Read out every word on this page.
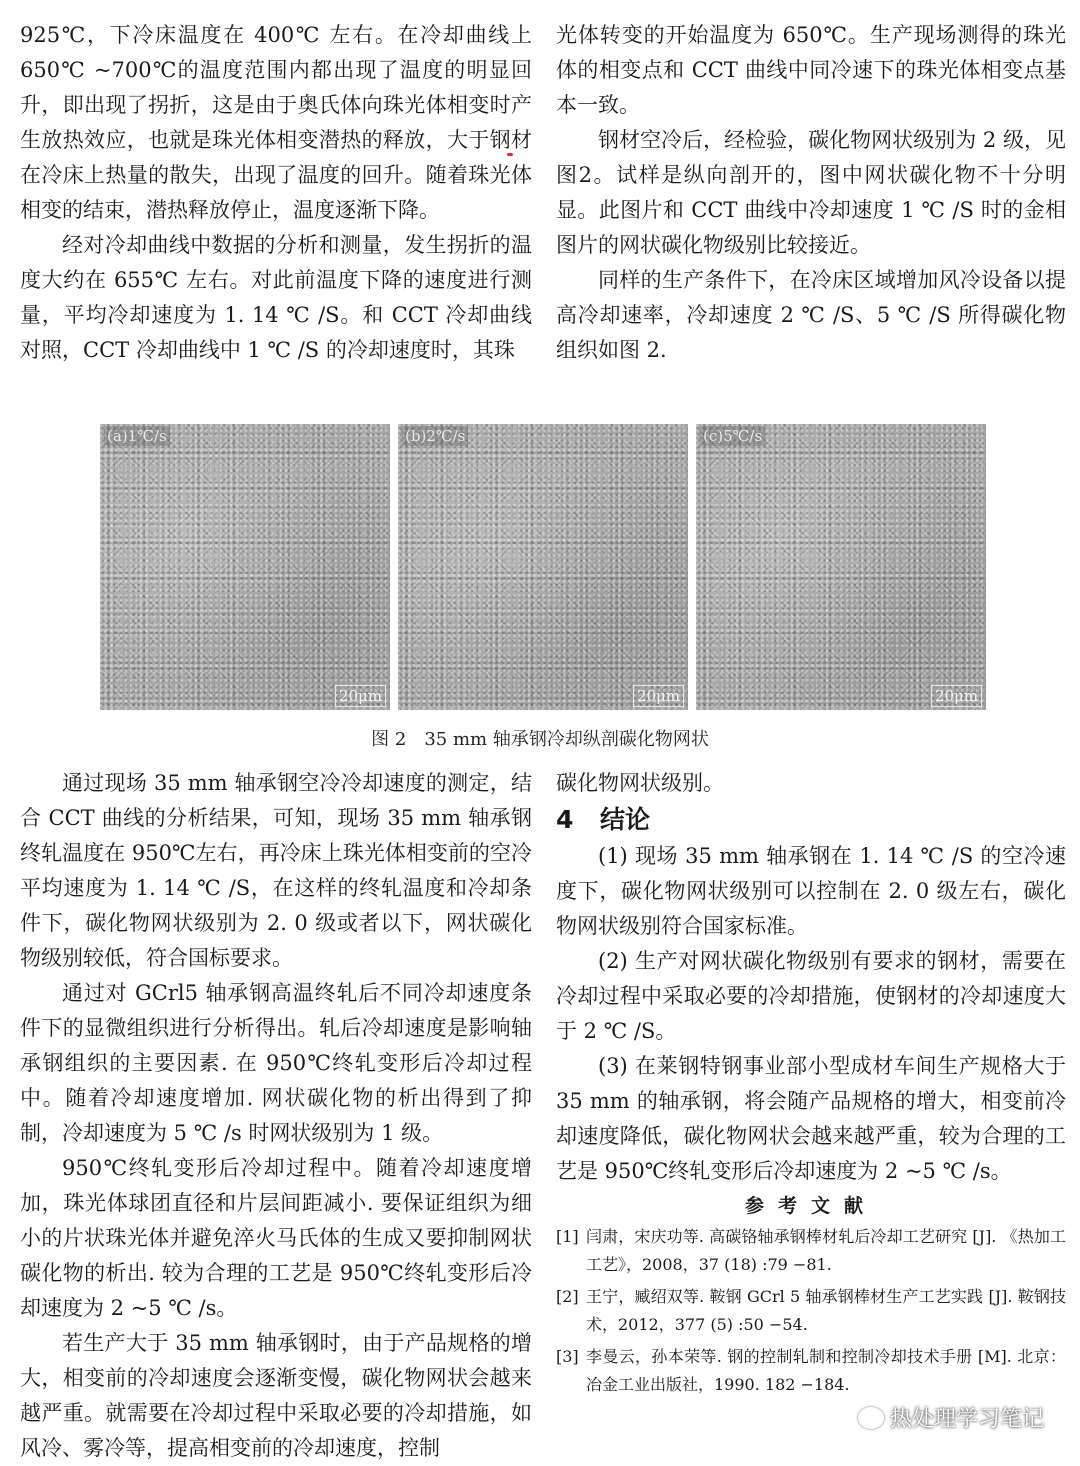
925℃，下冷床温度在 400℃ 左右。在冷却曲线上650℃ ~700℃的温度范围内都出现了温度的明显回升，即出现了拐折，这是由于奥氏体向珠光体相变时产生放热效应，也就是珠光体相变潜热的释放，大于钢材在冷床上热量的散失，出现了温度的回升。随着珠光体相变的结束，潜热释放停止，温度逐渐下降。

经对冷却曲线中数据的分析和测量，发生拐折的温度大约在 655℃ 左右。对此前温度下降的速度进行测量，平均冷却速度为 1. 14 ℃ /S。和 CCT 冷却曲线对照，CCT 冷却曲线中 1 ℃ /S 的冷却速度时，其珠

光体转变的开始温度为 650℃。生产现场测得的珠光体的相变点和 CCT 曲线中同冷速下的珠光体相变点基本一致。

钢材空冷后，经检验，碳化物网状级别为 2 级，见图2。试样是纵向剖开的，图中网状碳化物不十分明显。此图片和 CCT 曲线中冷却速度 1 ℃ /S 时的金相图片的网状碳化物级别比较接近。

同样的生产条件下，在冷床区域增加风冷设备以提高冷却速率，冷却速度 2 ℃ /S、5 ℃ /S 所得碳化物组织如图 2.

(a)1℃/s
20μm
(b)2℃/s
20μm
(c)5℃/s
20μm
图 2　35 mm 轴承钢冷却纵剖碳化物网状

通过现场 35 mm 轴承钢空冷冷却速度的测定，结合 CCT 曲线的分析结果，可知，现场 35 mm 轴承钢终轧温度在 950℃左右，再冷床上珠光体相变前的空冷平均速度为 1. 14 ℃ /S，在这样的终轧温度和冷却条件下，碳化物网状级别为 2. 0 级或者以下，网状碳化物级别较低，符合国标要求。

通过对 GCrl5 轴承钢高温终轧后不同冷却速度条件下的显微组织进行分析得出。轧后冷却速度是影响轴承钢组织的主要因素. 在 950℃终轧变形后冷却过程中。随着冷却速度增加. 网状碳化物的析出得到了抑制，冷却速度为 5 ℃ /s 时网状级别为 1 级。

950℃终轧变形后冷却过程中。随着冷却速度增加，珠光体球团直径和片层间距减小. 要保证组织为细小的片状珠光体并避免淬火马氏体的生成又要抑制网状碳化物的析出. 较为合理的工艺是 950℃终轧变形后冷却速度为 2 ~5 ℃ /s。

若生产大于 35 mm 轴承钢时，由于产品规格的增大，相变前的冷却速度会逐渐变慢，碳化物网状会越来越严重。就需要在冷却过程中采取必要的冷却措施，如风冷、雾冷等，提高相变前的冷却速度，控制

碳化物网状级别。

4 结论

(1) 现场 35 mm 轴承钢在 1. 14 ℃ /S 的空冷速度下，碳化物网状级别可以控制在 2. 0 级左右，碳化物网状级别符合国家标准。

(2) 生产对网状碳化物级别有要求的钢材，需要在冷却过程中采取必要的冷却措施，使钢材的冷却速度大于 2 ℃ /S。

(3) 在莱钢特钢事业部小型成材车间生产规格大于 35 mm 的轴承钢，将会随产品规格的增大，相变前冷却速度降低，碳化物网状会越来越严重，较为合理的工艺是 950℃终轧变形后冷却速度为 2 ~5 ℃ /s。

参考文献

[1] 闫肃，宋庆功等. 高碳铬轴承钢棒材轧后冷却工艺研究 [J]. 《热加工工艺》，2008，37 (18) :79 −81.
[2] 王宁，臧绍双等. 鞍钢 GCrl 5 轴承钢棒材生产工艺实践 [J]. 鞍钢技术，2012，377 (5) :50 −54.
[3] 李曼云，孙本荣等. 钢的控制轧制和控制冷却技术手册 [M]. 北京：冶金工业出版社，1990. 182 −184.
热处理学习笔记
